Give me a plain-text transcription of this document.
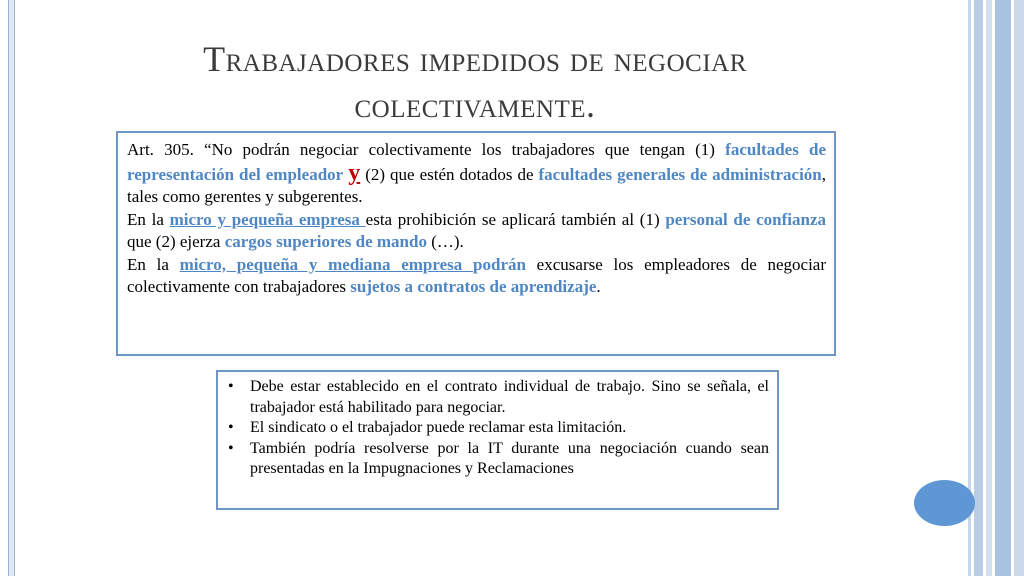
Trabajadores impedidos de negociar
colectivamente.

Art. 305. “No podrán negociar colectivamente los trabajadores que tengan (1) facultades de representación del empleador y (2) que estén dotados de facultades generales de administración, tales como gerentes y subgerentes.

En la micro y pequeña empresa esta prohibición se aplicará también al (1) personal de confianza que (2) ejerza cargos superiores de mando (…).

En la micro, pequeña y mediana empresa podrán excusarse los empleadores de negociar colectivamente con trabajadores sujetos a contratos de aprendizaje.

• Debe estar establecido en el contrato individual de trabajo. Sino se señala, el trabajador está habilitado para negociar.
• El sindicato o el trabajador puede reclamar esta limitación.
• También podría resolverse por la IT durante una negociación cuando sean presentadas en la Impugnaciones y Reclamaciones
